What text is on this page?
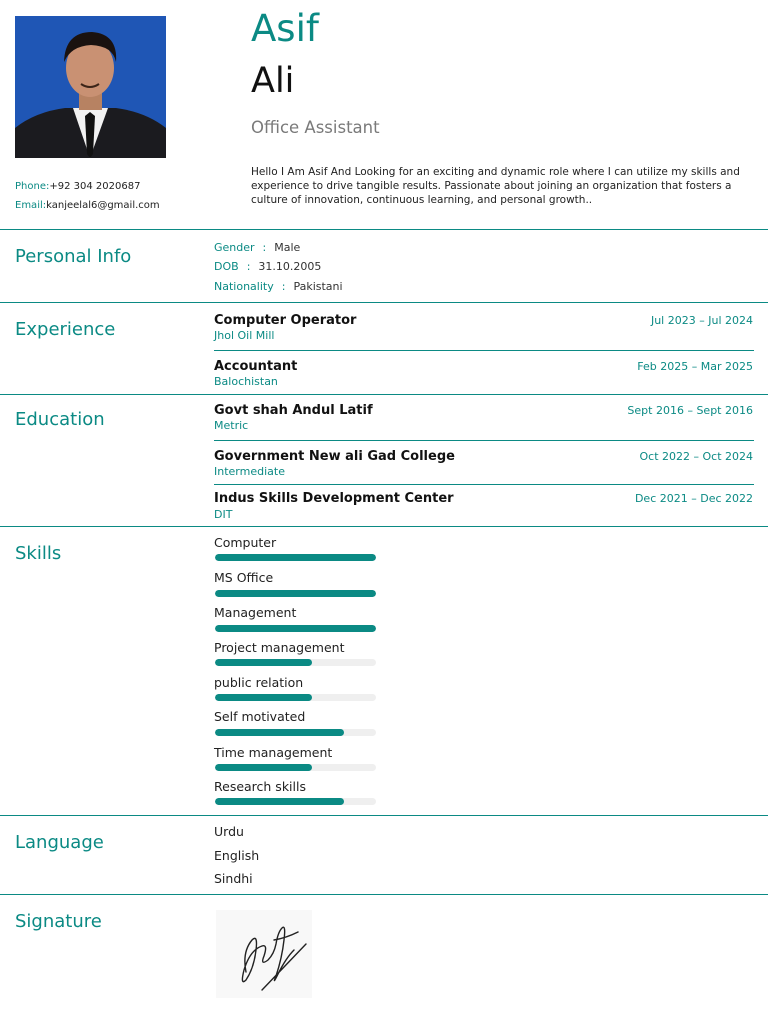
Phone:+92 304 2020687
Email:kanjeelal6@gmail.com
Asif
Ali
Office Assistant
Hello I Am Asif And Looking for an exciting and dynamic role where I can utilize my skills and experience to drive tangible results. Passionate about joining an organization that fosters a culture of innovation, continuous learning, and personal growth..
Personal Info	Gender : Male
DOB : 31.10.2005
Nationality : Pakistani
Experience	Computer Operator
Jhol Oil Mill
Jul 2023 – Jul 2024
Accountant
Balochistan
Feb 2025 – Mar 2025
Education	Govt shah Andul Latif
Metric
Sept 2016 – Sept 2016
Government New ali Gad College
Intermediate
Oct 2022 – Oct 2024
Indus Skills Development Center
DIT
Dec 2021 – Dec 2022
Skills
Computer
MS Office
Management
Project management
public relation
Self motivated
Time management
Research skills
Language
Urdu
English
Sindhi
Signature
